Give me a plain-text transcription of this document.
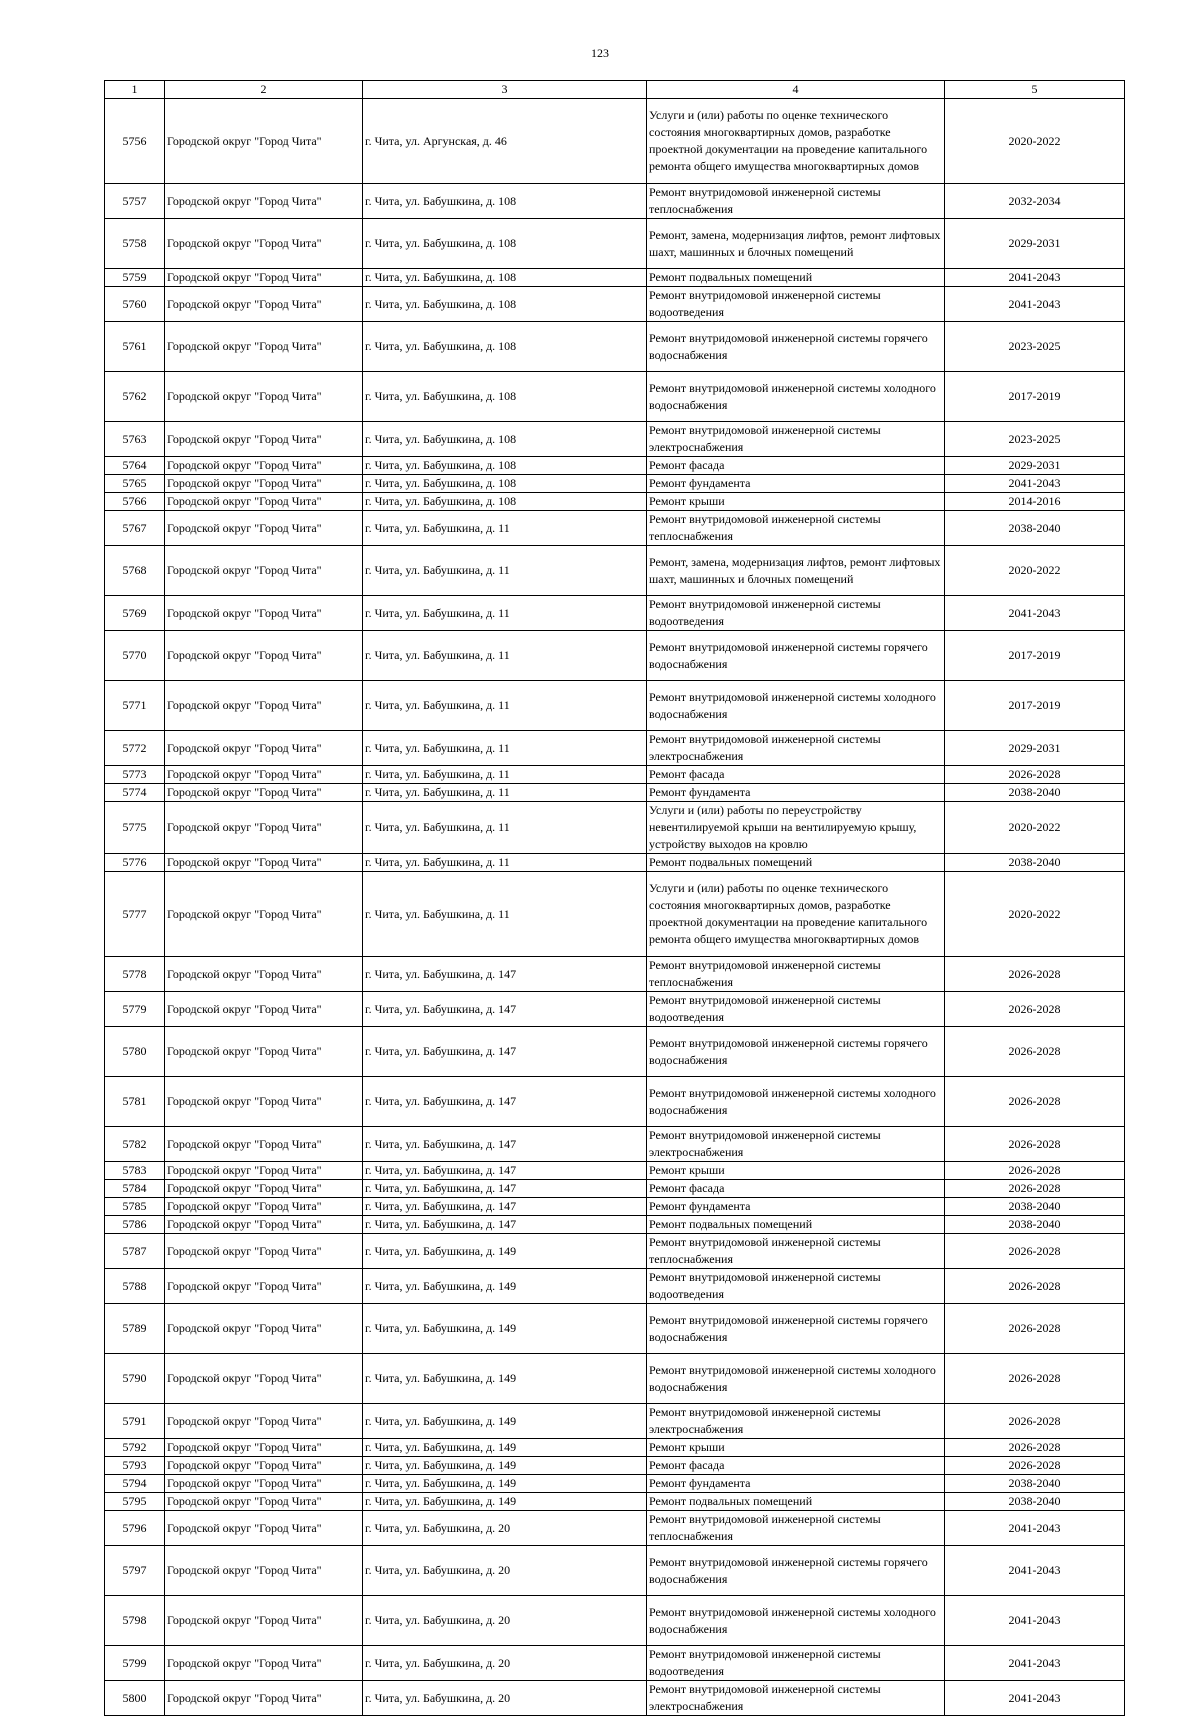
123
1	2	3	4	5
5756	Городской округ "Город Чита"	г. Чита, ул. Аргунская, д. 46	Услуги и (или) работы по оценке технического состояния многоквартирных домов, разработке проектной документации на проведение капитального ремонта общего имущества многоквартирных домов	2020-2022
5757	Городской округ "Город Чита"	г. Чита, ул. Бабушкина, д. 108	Ремонт внутридомовой инженерной системы теплоснабжения	2032-2034
5758	Городской округ "Город Чита"	г. Чита, ул. Бабушкина, д. 108	Ремонт, замена, модернизация лифтов, ремонт лифтовых шахт, машинных и блочных помещений	2029-2031
5759	Городской округ "Город Чита"	г. Чита, ул. Бабушкина, д. 108	Ремонт подвальных помещений	2041-2043
5760	Городской округ "Город Чита"	г. Чита, ул. Бабушкина, д. 108	Ремонт внутридомовой инженерной системы водоотведения	2041-2043
5761	Городской округ "Город Чита"	г. Чита, ул. Бабушкина, д. 108	Ремонт внутридомовой инженерной системы горячего водоснабжения	2023-2025
5762	Городской округ "Город Чита"	г. Чита, ул. Бабушкина, д. 108	Ремонт внутридомовой инженерной системы холодного водоснабжения	2017-2019
5763	Городской округ "Город Чита"	г. Чита, ул. Бабушкина, д. 108	Ремонт внутридомовой инженерной системы электроснабжения	2023-2025
5764	Городской округ "Город Чита"	г. Чита, ул. Бабушкина, д. 108	Ремонт фасада	2029-2031
5765	Городской округ "Город Чита"	г. Чита, ул. Бабушкина, д. 108	Ремонт фундамента	2041-2043
5766	Городской округ "Город Чита"	г. Чита, ул. Бабушкина, д. 108	Ремонт крыши	2014-2016
5767	Городской округ "Город Чита"	г. Чита, ул. Бабушкина, д. 11	Ремонт внутридомовой инженерной системы теплоснабжения	2038-2040
5768	Городской округ "Город Чита"	г. Чита, ул. Бабушкина, д. 11	Ремонт, замена, модернизация лифтов, ремонт лифтовых шахт, машинных и блочных помещений	2020-2022
5769	Городской округ "Город Чита"	г. Чита, ул. Бабушкина, д. 11	Ремонт внутридомовой инженерной системы водоотведения	2041-2043
5770	Городской округ "Город Чита"	г. Чита, ул. Бабушкина, д. 11	Ремонт внутридомовой инженерной системы горячего водоснабжения	2017-2019
5771	Городской округ "Город Чита"	г. Чита, ул. Бабушкина, д. 11	Ремонт внутридомовой инженерной системы холодного водоснабжения	2017-2019
5772	Городской округ "Город Чита"	г. Чита, ул. Бабушкина, д. 11	Ремонт внутридомовой инженерной системы электроснабжения	2029-2031
5773	Городской округ "Город Чита"	г. Чита, ул. Бабушкина, д. 11	Ремонт фасада	2026-2028
5774	Городской округ "Город Чита"	г. Чита, ул. Бабушкина, д. 11	Ремонт фундамента	2038-2040
5775	Городской округ "Город Чита"	г. Чита, ул. Бабушкина, д. 11	Услуги и (или) работы по переустройству невентилируемой крыши на вентилируемую крышу, устройству выходов на кровлю	2020-2022
5776	Городской округ "Город Чита"	г. Чита, ул. Бабушкина, д. 11	Ремонт подвальных помещений	2038-2040
5777	Городской округ "Город Чита"	г. Чита, ул. Бабушкина, д. 11	Услуги и (или) работы по оценке технического состояния многоквартирных домов, разработке проектной документации на проведение капитального ремонта общего имущества многоквартирных домов	2020-2022
5778	Городской округ "Город Чита"	г. Чита, ул. Бабушкина, д. 147	Ремонт внутридомовой инженерной системы теплоснабжения	2026-2028
5779	Городской округ "Город Чита"	г. Чита, ул. Бабушкина, д. 147	Ремонт внутридомовой инженерной системы водоотведения	2026-2028
5780	Городской округ "Город Чита"	г. Чита, ул. Бабушкина, д. 147	Ремонт внутридомовой инженерной системы горячего водоснабжения	2026-2028
5781	Городской округ "Город Чита"	г. Чита, ул. Бабушкина, д. 147	Ремонт внутридомовой инженерной системы холодного водоснабжения	2026-2028
5782	Городской округ "Город Чита"	г. Чита, ул. Бабушкина, д. 147	Ремонт внутридомовой инженерной системы электроснабжения	2026-2028
5783	Городской округ "Город Чита"	г. Чита, ул. Бабушкина, д. 147	Ремонт крыши	2026-2028
5784	Городской округ "Город Чита"	г. Чита, ул. Бабушкина, д. 147	Ремонт фасада	2026-2028
5785	Городской округ "Город Чита"	г. Чита, ул. Бабушкина, д. 147	Ремонт фундамента	2038-2040
5786	Городской округ "Город Чита"	г. Чита, ул. Бабушкина, д. 147	Ремонт подвальных помещений	2038-2040
5787	Городской округ "Город Чита"	г. Чита, ул. Бабушкина, д. 149	Ремонт внутридомовой инженерной системы теплоснабжения	2026-2028
5788	Городской округ "Город Чита"	г. Чита, ул. Бабушкина, д. 149	Ремонт внутридомовой инженерной системы водоотведения	2026-2028
5789	Городской округ "Город Чита"	г. Чита, ул. Бабушкина, д. 149	Ремонт внутридомовой инженерной системы горячего водоснабжения	2026-2028
5790	Городской округ "Город Чита"	г. Чита, ул. Бабушкина, д. 149	Ремонт внутридомовой инженерной системы холодного водоснабжения	2026-2028
5791	Городской округ "Город Чита"	г. Чита, ул. Бабушкина, д. 149	Ремонт внутридомовой инженерной системы электроснабжения	2026-2028
5792	Городской округ "Город Чита"	г. Чита, ул. Бабушкина, д. 149	Ремонт крыши	2026-2028
5793	Городской округ "Город Чита"	г. Чита, ул. Бабушкина, д. 149	Ремонт фасада	2026-2028
5794	Городской округ "Город Чита"	г. Чита, ул. Бабушкина, д. 149	Ремонт фундамента	2038-2040
5795	Городской округ "Город Чита"	г. Чита, ул. Бабушкина, д. 149	Ремонт подвальных помещений	2038-2040
5796	Городской округ "Город Чита"	г. Чита, ул. Бабушкина, д. 20	Ремонт внутридомовой инженерной системы теплоснабжения	2041-2043
5797	Городской округ "Город Чита"	г. Чита, ул. Бабушкина, д. 20	Ремонт внутридомовой инженерной системы горячего водоснабжения	2041-2043
5798	Городской округ "Город Чита"	г. Чита, ул. Бабушкина, д. 20	Ремонт внутридомовой инженерной системы холодного водоснабжения	2041-2043
5799	Городской округ "Город Чита"	г. Чита, ул. Бабушкина, д. 20	Ремонт внутридомовой инженерной системы водоотведения	2041-2043
5800	Городской округ "Город Чита"	г. Чита, ул. Бабушкина, д. 20	Ремонт внутридомовой инженерной системы электроснабжения	2041-2043
